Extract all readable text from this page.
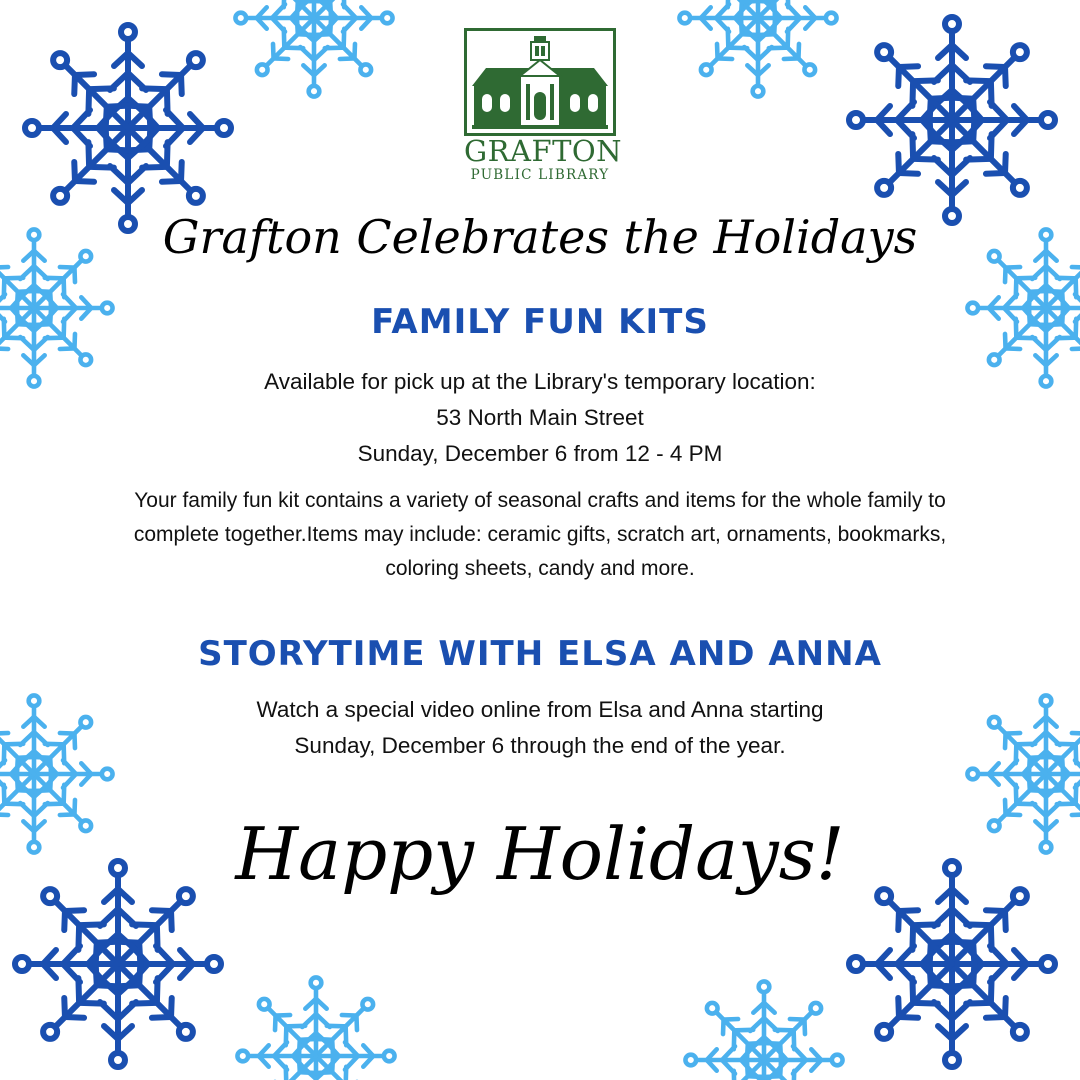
GRAFTON
PUBLIC LIBRARY
Grafton Celebrates the Holidays
FAMILY FUN KITS
Available for pick up at the Library's temporary location:
53 North Main Street
Sunday, December 6 from 12 - 4 PM
Your family fun kit contains a variety of seasonal crafts and items for the whole family to
complete together.Items may include: ceramic gifts, scratch art, ornaments, bookmarks,
coloring sheets, candy and more.
STORYTIME WITH ELSA AND ANNA
Watch a special video online from Elsa and Anna starting
Sunday, December 6 through the end of the year.
Happy Holidays!
